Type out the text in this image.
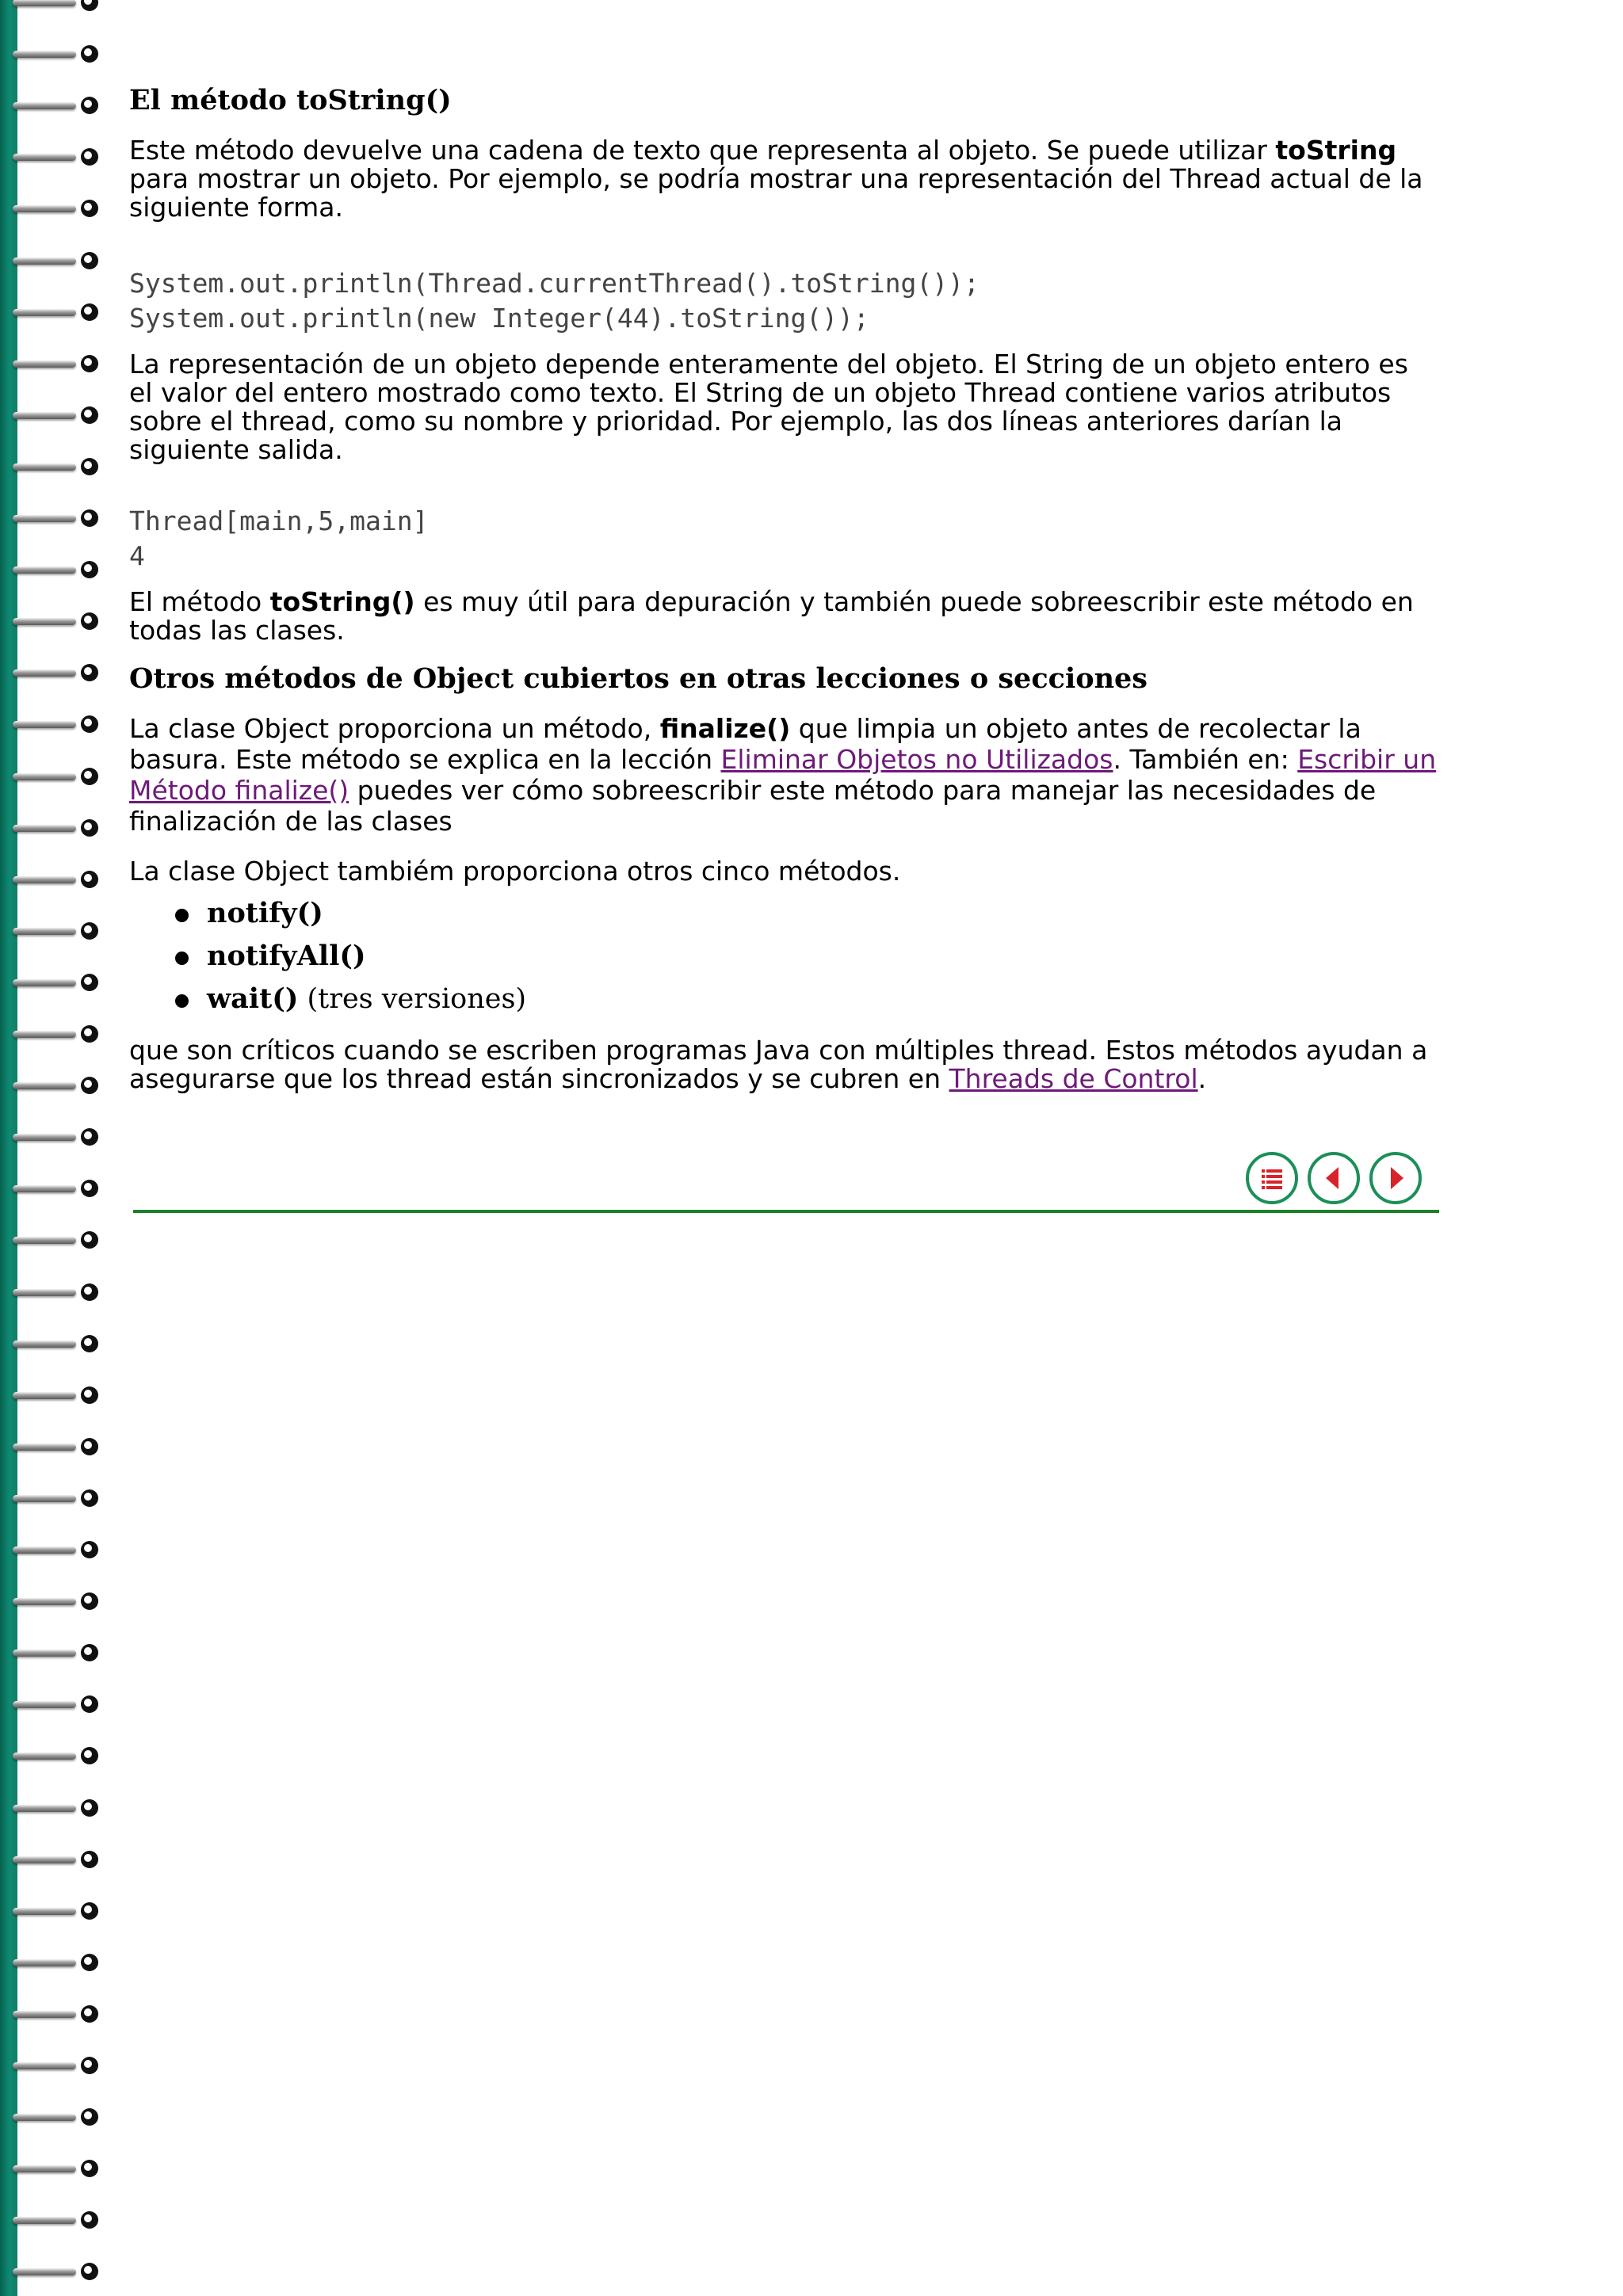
El método toString()

Este método devuelve una cadena de texto que representa al objeto. Se puede utilizar toString para mostrar un objeto. Por ejemplo, se podría mostrar una representación del Thread actual de la siguiente forma.

System.out.println(Thread.currentThread().toString());
System.out.println(new Integer(44).toString());

La representación de un objeto depende enteramente del objeto. El String de un objeto entero es el valor del entero mostrado como texto. El String de un objeto Thread contiene varios atributos sobre el thread, como su nombre y prioridad. Por ejemplo, las dos líneas anteriores darían la siguiente salida.

Thread[main,5,main]
4

El método toString() es muy útil para depuración y también puede sobreescribir este método en todas las clases.

Otros métodos de Object cubiertos en otras lecciones o secciones

La clase Object proporciona un método, finalize() que limpia un objeto antes de recolectar la basura. Este método se explica en la lección Eliminar Objetos no Utilizados. También en: Escribir un Método finalize() puedes ver cómo sobreescribir este método para manejar las necesidades de finalización de las clases

La clase Object tambiém proporciona otros cinco métodos.

notify()
notifyAll()
wait() (tres versiones)

que son críticos cuando se escriben programas Java con múltiples thread. Estos métodos ayudan a asegurarse que los thread están sincronizados y se cubren en Threads de Control.
